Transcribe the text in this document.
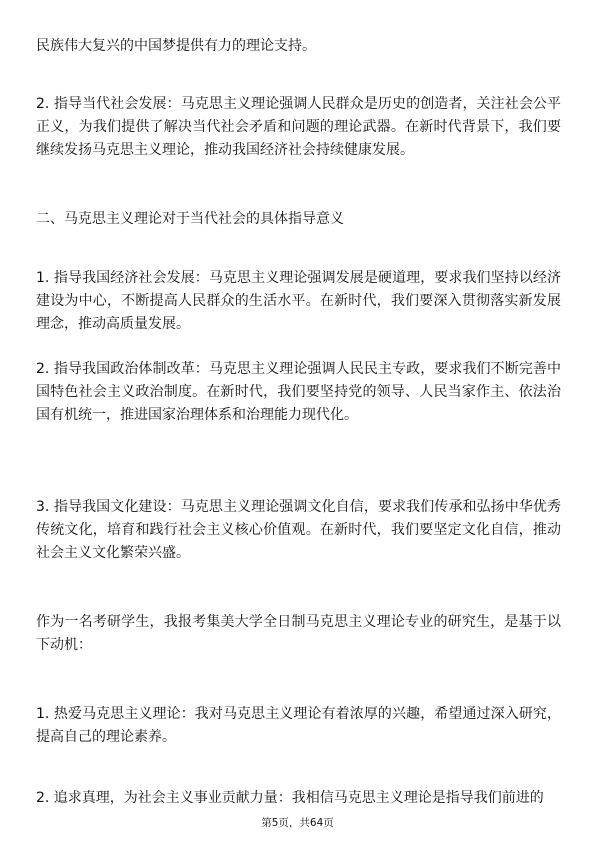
民族伟大复兴的中国梦提供有力的理论支持。

2. 指导当代社会发展：马克思主义理论强调人民群众是历史的创造者，关注社会公平正义，为我们提供了解决当代社会矛盾和问题的理论武器。在新时代背景下，我们要继续发扬马克思主义理论，推动我国经济社会持续健康发展。

二、马克思主义理论对于当代社会的具体指导意义

1. 指导我国经济社会发展：马克思主义理论强调发展是硬道理，要求我们坚持以经济建设为中心，不断提高人民群众的生活水平。在新时代，我们要深入贯彻落实新发展理念，推动高质量发展。

2. 指导我国政治体制改革：马克思主义理论强调人民民主专政，要求我们不断完善中国特色社会主义政治制度。在新时代，我们要坚持党的领导、人民当家作主、依法治国有机统一，推进国家治理体系和治理能力现代化。

3. 指导我国文化建设：马克思主义理论强调文化自信，要求我们传承和弘扬中华优秀传统文化，培育和践行社会主义核心价值观。在新时代，我们要坚定文化自信，推动社会主义文化繁荣兴盛。

作为一名考研学生，我报考集美大学全日制马克思主义理论专业的研究生，是基于以下动机：

1. 热爱马克思主义理论：我对马克思主义理论有着浓厚的兴趣，希望通过深入研究，提高自己的理论素养。

2. 追求真理，为社会主义事业贡献力量：我相信马克思主义理论是指导我们前进的

第5页，共64页
